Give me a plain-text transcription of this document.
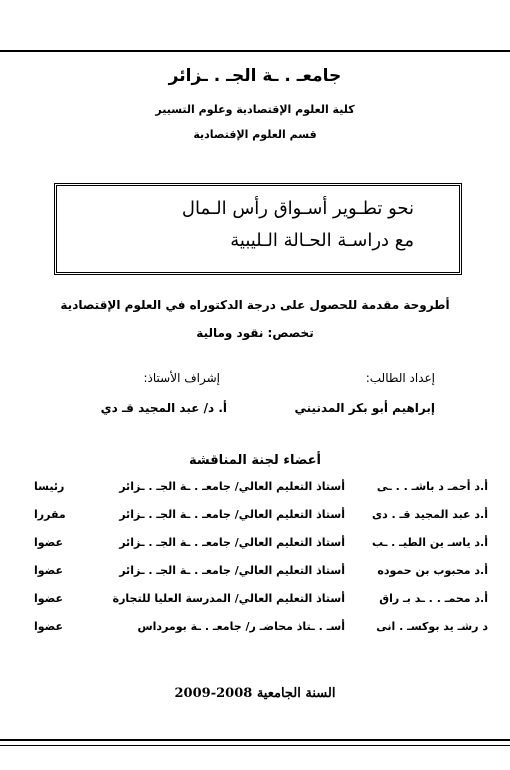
جامعـ . ـة الجـ . ـزائر
كلية العلوم الإقتصادية وعلوم التسيير
قسم العلوم الإقتصادية
نحو تطـوير أسـواق رأس الـمال
مع دراسـة الحـالة الـليبية
أطروحة مقدمة للحصول على درجة الدكتوراه في العلوم الإقتصادية
تخصص: نقود ومالية
إعداد الطالب:
إشراف الأستاذ:
إبراهيم أبو بكر المدنيني
أ. د/ عبد المجيد قـ دي
أعضاء لجنة المناقشة
أ.د أحمـ د باشـ . . ـى
أستاذ التعليم العالي/ جامعـ . ـة الجـ . ـزائر
رئيسا
أ.د عبد المجيد قـ . دى
أستاذ التعليم العالي/ جامعـ . ـة الجـ . ـزائر
مقررا
أ.د ياسـ ين الطيـ . ـب
أستاذ التعليم العالي/ جامعـ . ـة الجـ . ـزائر
عضوا
أ.د محبوب بن حموده
أستاذ التعليم العالي/ جامعـ . ـة الجـ . ـزائر
عضوا
أ.د محمـ . . ـد بـ راق
أستاذ التعليم العالي/ المدرسة العليا للتجارة
عضوا
د رشـ يد بوكسـ . انى
أسـ . ـتاذ محاضـ ر/ جامعـ . ـة بومرداس
عضوا
السنة الجامعية 2008-2009
